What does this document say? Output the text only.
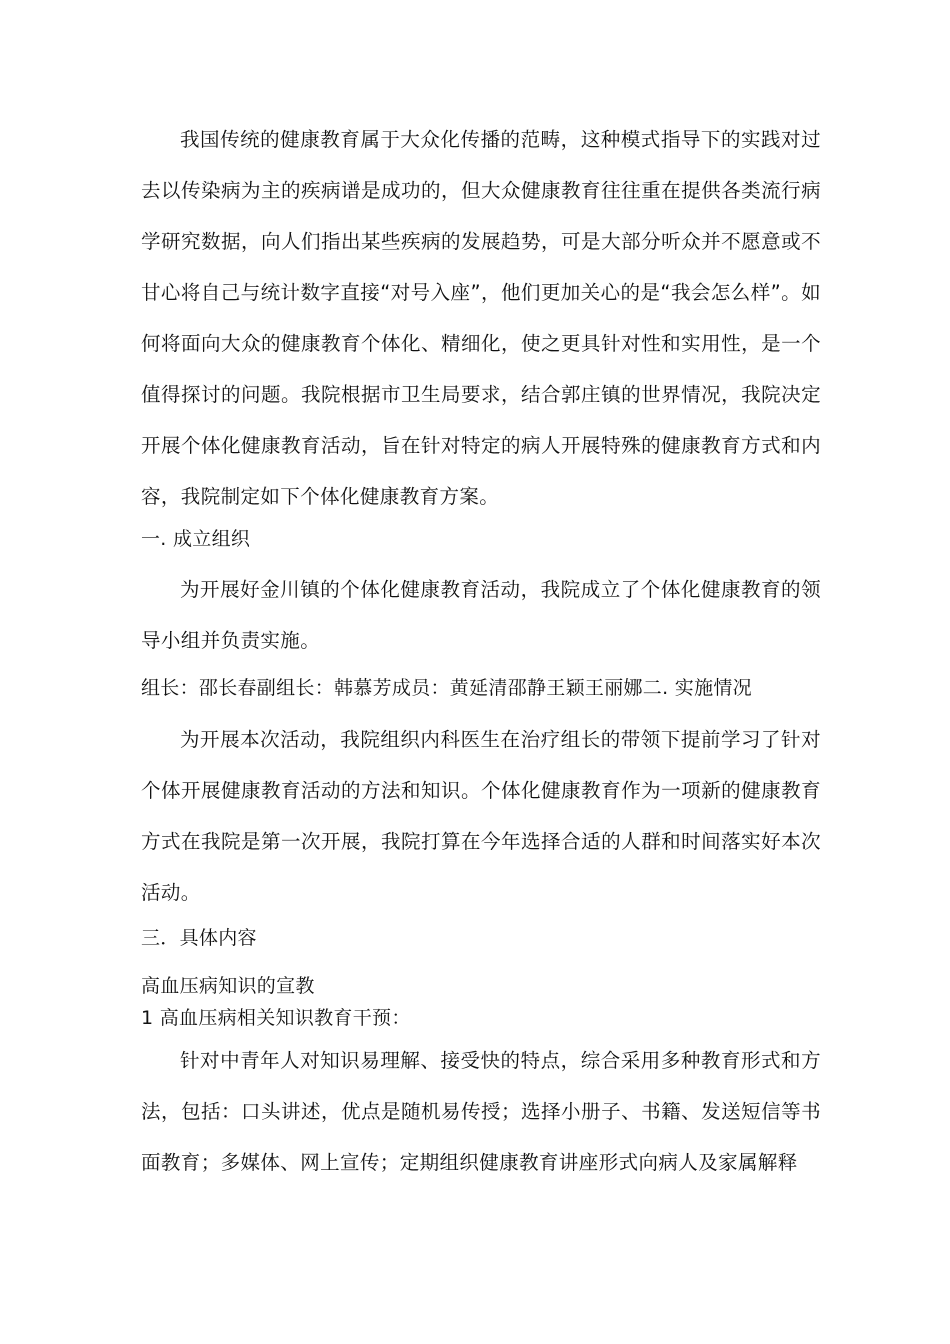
我国传统的健康教育属于大众化传播的范畴，这种模式指导下的实践对过去以传染病为主的疾病谱是成功的，但大众健康教育往往重在提供各类流行病学研究数据，向人们指出某些疾病的发展趋势，可是大部分听众并不愿意或不甘心将自己与统计数字直接“对号入座”，他们更加关心的是“我会怎么样”。如何将面向大众的健康教育个体化、精细化，使之更具针对性和实用性，是一个值得探讨的问题。我院根据市卫生局要求，结合郭庄镇的世界情况，我院决定开展个体化健康教育活动，旨在针对特定的病人开展特殊的健康教育方式和内容，我院制定如下个体化健康教育方案。

一. 成立组织

为开展好金川镇的个体化健康教育活动，我院成立了个体化健康教育的领导小组并负责实施。

组长：邵长春副组长：韩慕芳成员：黄延清邵静王颖王丽娜二. 实施情况

为开展本次活动，我院组织内科医生在治疗组长的带领下提前学习了针对个体开展健康教育活动的方法和知识。个体化健康教育作为一项新的健康教育方式在我院是第一次开展，我院打算在今年选择合适的人群和时间落实好本次活动。

三．具体内容
高血压病知识的宣教
1 高血压病相关知识教育干预：

针对中青年人对知识易理解、接受快的特点，综合采用多种教育形式和方法，包括：口头讲述，优点是随机易传授；选择小册子、书籍、发送短信等书面教育；多媒体、网上宣传；定期组织健康教育讲座形式向病人及家属解释
